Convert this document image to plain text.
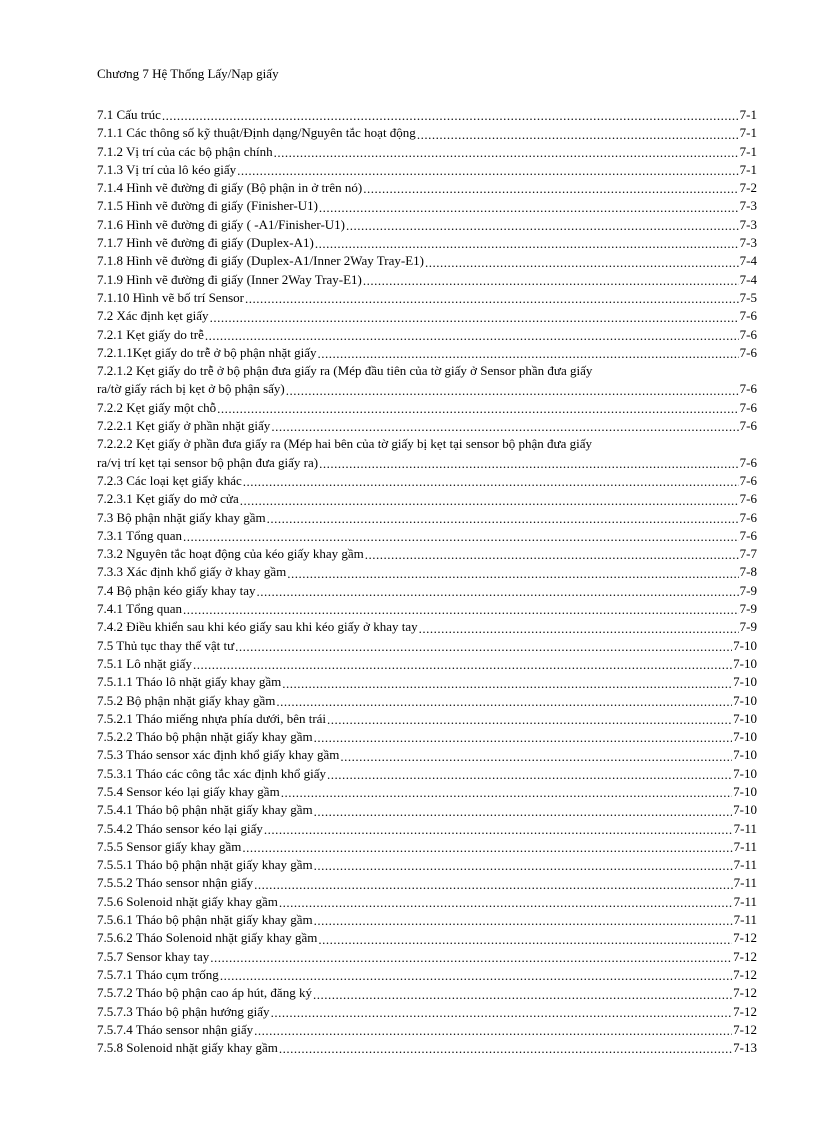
Chương 7 Hệ Thống Lấy/Nạp giấy
7.1 Cấu trúc .....	7-1
7.1.1 Các thông số kỹ thuật/Định dạng/Nguyên tắc hoạt động .....	7-1
7.1.2 Vị trí của các bộ phận chính .....	7-1
7.1.3 Vị trí của lô kéo giấy .....	7-1
7.1.4 Hình vẽ đường đi giấy (Bộ phận in ở trên nó) .....	7-2
7.1.5 Hình vẽ đường đi giấy (Finisher-U1) .....	7-3
7.1.6 Hình vẽ đường đi giấy ( -A1/Finisher-U1) .....	7-3
7.1.7 Hình vẽ đường đi giấy (Duplex-A1) .....	7-3
7.1.8 Hình vẽ đường đi giấy (Duplex-A1/Inner 2Way Tray-E1) .....	7-4
7.1.9 Hình vẽ đường đi giấy (Inner 2Way Tray-E1) .....	7-4
7.1.10 Hình vẽ bố trí Sensor .....	7-5
7.2 Xác định kẹt giấy .....	7-6
7.2.1 Kẹt giấy do trễ .....	7-6
7.2.1.1Kẹt giấy do trễ ở bộ phận nhặt giấy .....	7-6
7.2.1.2 Kẹt giấy do trễ ở bộ phận đưa giấy ra (Mép đầu tiên của tờ giấy ở Sensor phần đưa giấy
ra/tờ giấy rách bị kẹt ở bộ phận sấy) .....	7-6
7.2.2 Kẹt giấy một chỗ .....	7-6
7.2.2.1 Kẹt giấy ở phần nhặt giấy .....	7-6
7.2.2.2 Kẹt giấy ở phần đưa giấy ra (Mép hai bên của tờ giấy bị kẹt tại sensor bộ phận đưa giấy
ra/vị trí kẹt tại sensor bộ phận đưa giấy ra) .....	7-6
7.2.3 Các loại kẹt giấy khác .....	7-6
7.2.3.1 Kẹt giấy do mở cửa .....	7-6
7.3 Bộ phận nhặt giấy khay gầm .....	7-6
7.3.1 Tổng quan .....	7-6
7.3.2 Nguyên tắc hoạt động của kéo giấy khay gầm .....	7-7
7.3.3 Xác định khổ giấy ở khay gầm .....	7-8
7.4 Bộ phận kéo giấy khay tay .....	7-9
7.4.1 Tổng quan .....	7-9
7.4.2 Điều khiển sau khi kéo giấy sau khi kéo giấy ở khay tay .....	7-9
7.5 Thủ tục thay thế vật tư .....	7-10
7.5.1 Lô nhặt giấy .....	7-10
7.5.1.1 Tháo lô nhặt giấy khay gầm .....	7-10
7.5.2 Bộ phận nhặt giấy khay gầm .....	7-10
7.5.2.1 Tháo miếng nhựa phía dưới, bên trái .....	7-10
7.5.2.2 Tháo bộ phận nhặt giấy khay gầm .....	7-10
7.5.3 Tháo sensor xác định khổ giấy khay gầm .....	7-10
7.5.3.1 Tháo các công tắc xác định khổ giấy .....	7-10
7.5.4 Sensor kéo lại giấy khay gầm .....	7-10
7.5.4.1 Tháo bộ phận nhặt giấy khay gầm .....	7-10
7.5.4.2 Tháo sensor kéo lại giấy .....	7-11
7.5.5 Sensor giấy khay gầm .....	7-11
7.5.5.1 Tháo bộ phận nhặt giấy khay gầm .....	7-11
7.5.5.2 Tháo sensor nhận giấy .....	7-11
7.5.6 Solenoid nhặt giấy khay gầm .....	7-11
7.5.6.1 Tháo bộ phận nhặt giấy khay gầm .....	7-11
7.5.6.2 Tháo Solenoid nhặt giấy khay gầm .....	7-12
7.5.7 Sensor khay tay .....	7-12
7.5.7.1 Tháo cụm trống .....	7-12
7.5.7.2 Tháo bộ phận cao áp hút, đăng ký .....	7-12
7.5.7.3 Tháo bộ phận hướng giấy .....	7-12
7.5.7.4 Tháo sensor nhận giấy .....	7-12
7.5.8 Solenoid nhặt giấy khay gầm .....	7-13
